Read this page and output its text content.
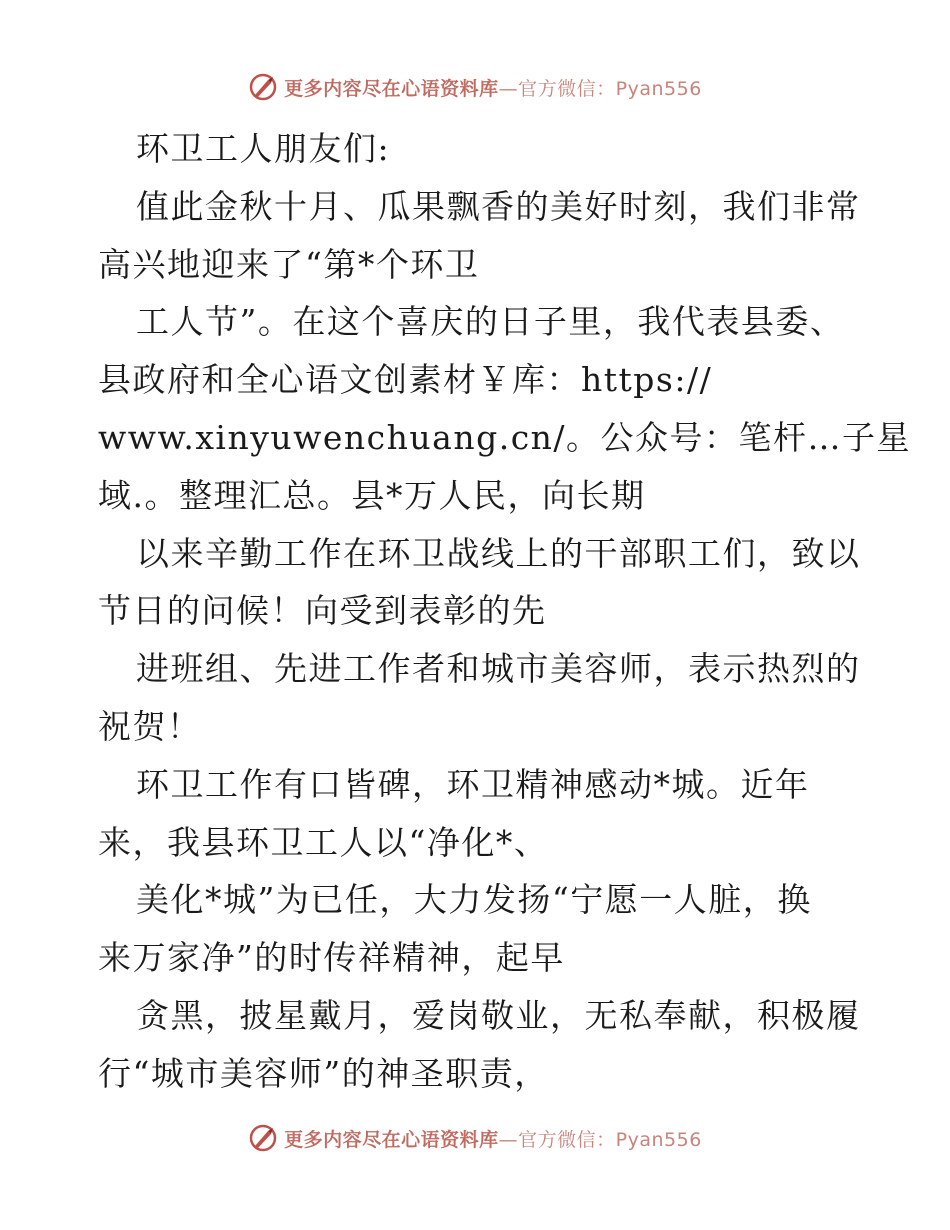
更多内容尽在心语资料库—官方微信：Pyan556
环卫工人朋友们:
值此金秋十月、瓜果飘香的美好时刻，我们非常
高兴地迎来了“第*个环卫
工人节”。在这个喜庆的日子里，我代表县委、
县政府和全心语文创素材￥库：https://
www.xinyuwenchuang.cn/。公众号：笔杆…子星
域.。整理汇总。县*万人民，向长期
以来辛勤工作在环卫战线上的干部职工们，致以
节日的问候！向受到表彰的先
进班组、先进工作者和城市美容师，表示热烈的
祝贺！
环卫工作有口皆碑，环卫精神感动*城。近年
来，我县环卫工人以“净化*、
美化*城”为已任，大力发扬“宁愿一人脏，换
来万家净”的时传祥精神，起早
贪黑，披星戴月，爱岗敬业，无私奉献，积极履
行“城市美容师”的神圣职责，
更多内容尽在心语资料库—官方微信：Pyan556
